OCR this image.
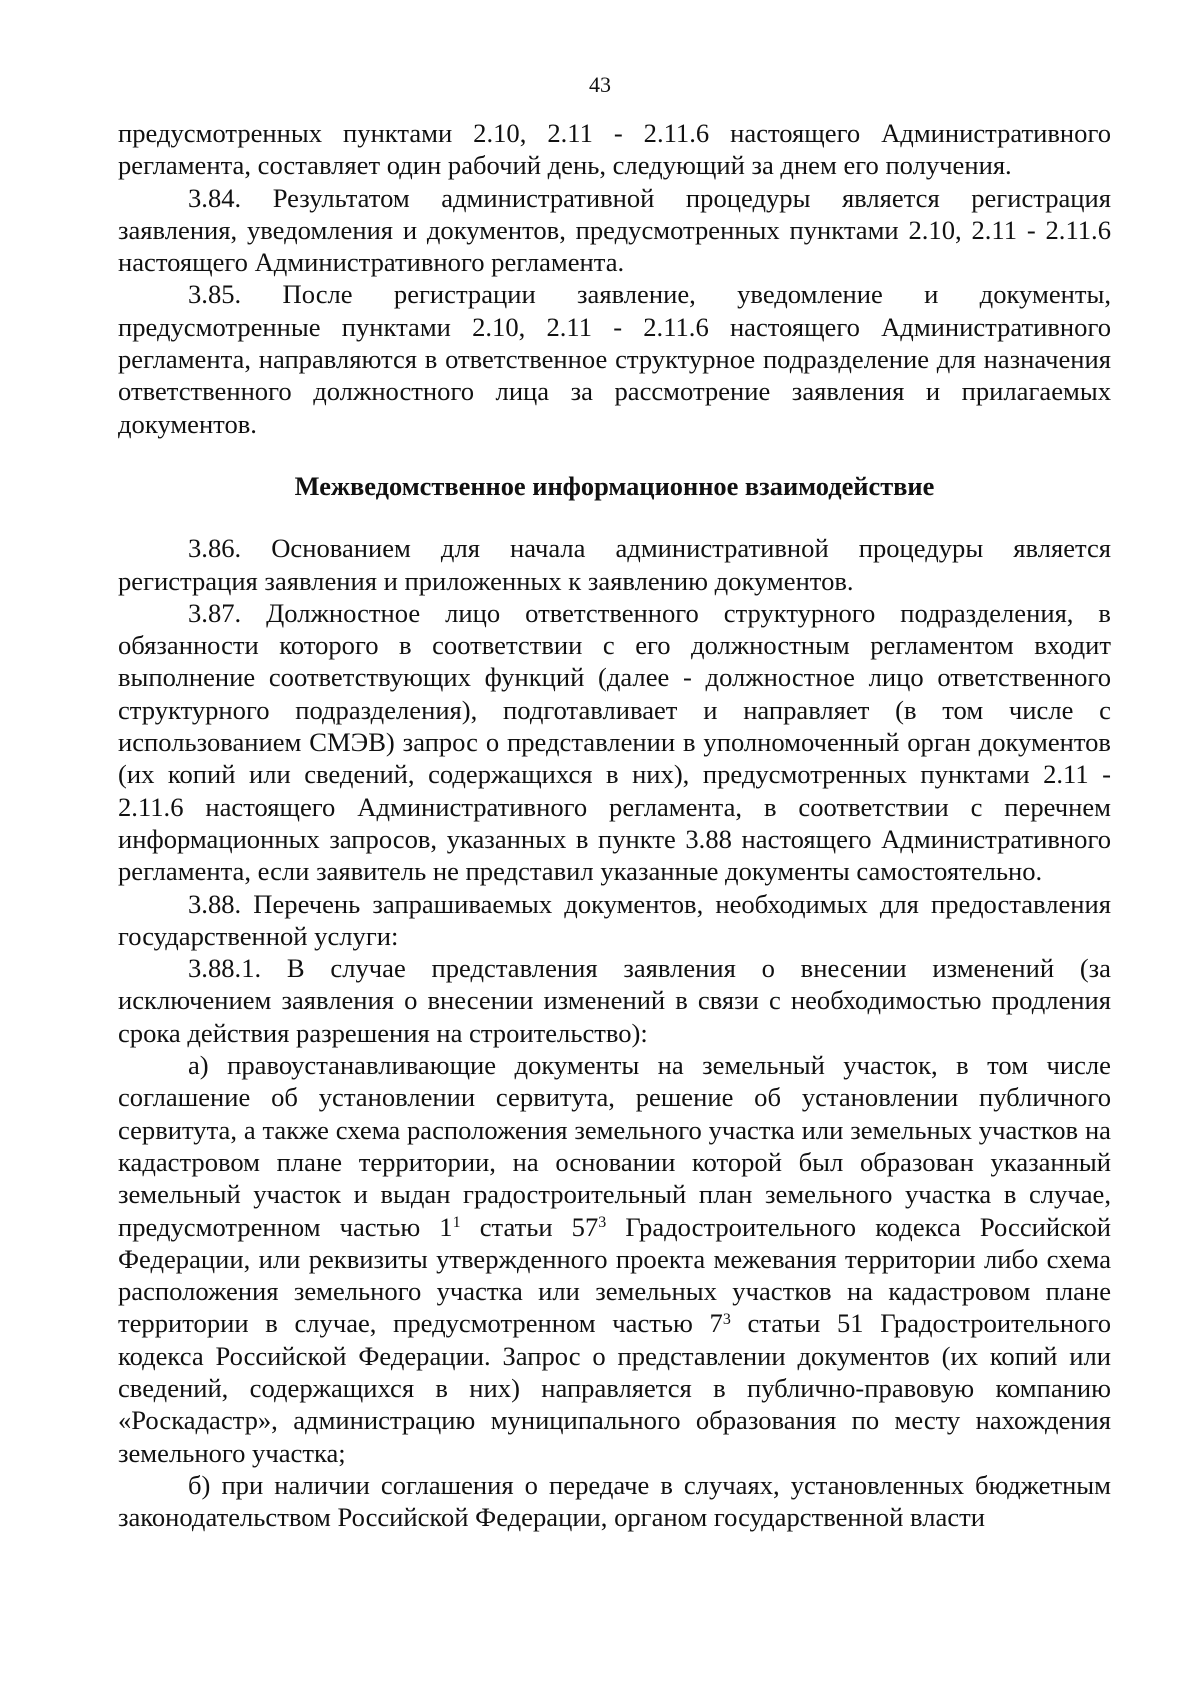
43

предусмотренных пунктами 2.10, 2.11 - 2.11.6 настоящего Административного регламента, составляет один рабочий день, следующий за днем его получения.

3.84. Результатом административной процедуры является регистрация заявления, уведомления и документов, предусмотренных пунктами 2.10, 2.11 - 2.11.6 настоящего Административного регламента.

3.85. После регистрации заявление, уведомление и документы, предусмотренные пунктами 2.10, 2.11 - 2.11.6 настоящего Административного регламента, направляются в ответственное структурное подразделение для назначения ответственного должностного лица за рассмотрение заявления и прилагаемых документов.

Межведомственное информационное взаимодействие

3.86. Основанием для начала административной процедуры является регистрация заявления и приложенных к заявлению документов.

3.87. Должностное лицо ответственного структурного подразделения, в обязанности которого в соответствии с его должностным регламентом входит выполнение соответствующих функций (далее - должностное лицо ответственного структурного подразделения), подготавливает и направляет (в том числе с использованием СМЭВ) запрос о представлении в уполномоченный орган документов (их копий или сведений, содержащихся в них), предусмотренных пунктами 2.11 - 2.11.6 настоящего Административного регламента, в соответствии с перечнем информационных запросов, указанных в пункте 3.88 настоящего Административного регламента, если заявитель не представил указанные документы самостоятельно.

3.88. Перечень запрашиваемых документов, необходимых для предоставления государственной услуги:

3.88.1. В случае представления заявления о внесении изменений (за исключением заявления о внесении изменений в связи с необходимостью продления срока действия разрешения на строительство):

а) правоустанавливающие документы на земельный участок, в том числе соглашение об установлении сервитута, решение об установлении публичного сервитута, а также схема расположения земельного участка или земельных участков на кадастровом плане территории, на основании которой был образован указанный земельный участок и выдан градостроительный план земельного участка в случае, предусмотренном частью $1^1$ статьи $57^3$ Градостроительного кодекса Российской Федерации, или реквизиты утвержденного проекта межевания территории либо схема расположения земельного участка или земельных участков на кадастровом плане территории в случае, предусмотренном частью $7^3$ статьи 51 Градостроительного кодекса Российской Федерации. Запрос о представлении документов (их копий или сведений, содержащихся в них) направляется в публично-правовую компанию «Роскадастр», администрацию муниципального образования по месту нахождения земельного участка;

б) при наличии соглашения о передаче в случаях, установленных бюджетным законодательством Российской Федерации, органом государственной власти
